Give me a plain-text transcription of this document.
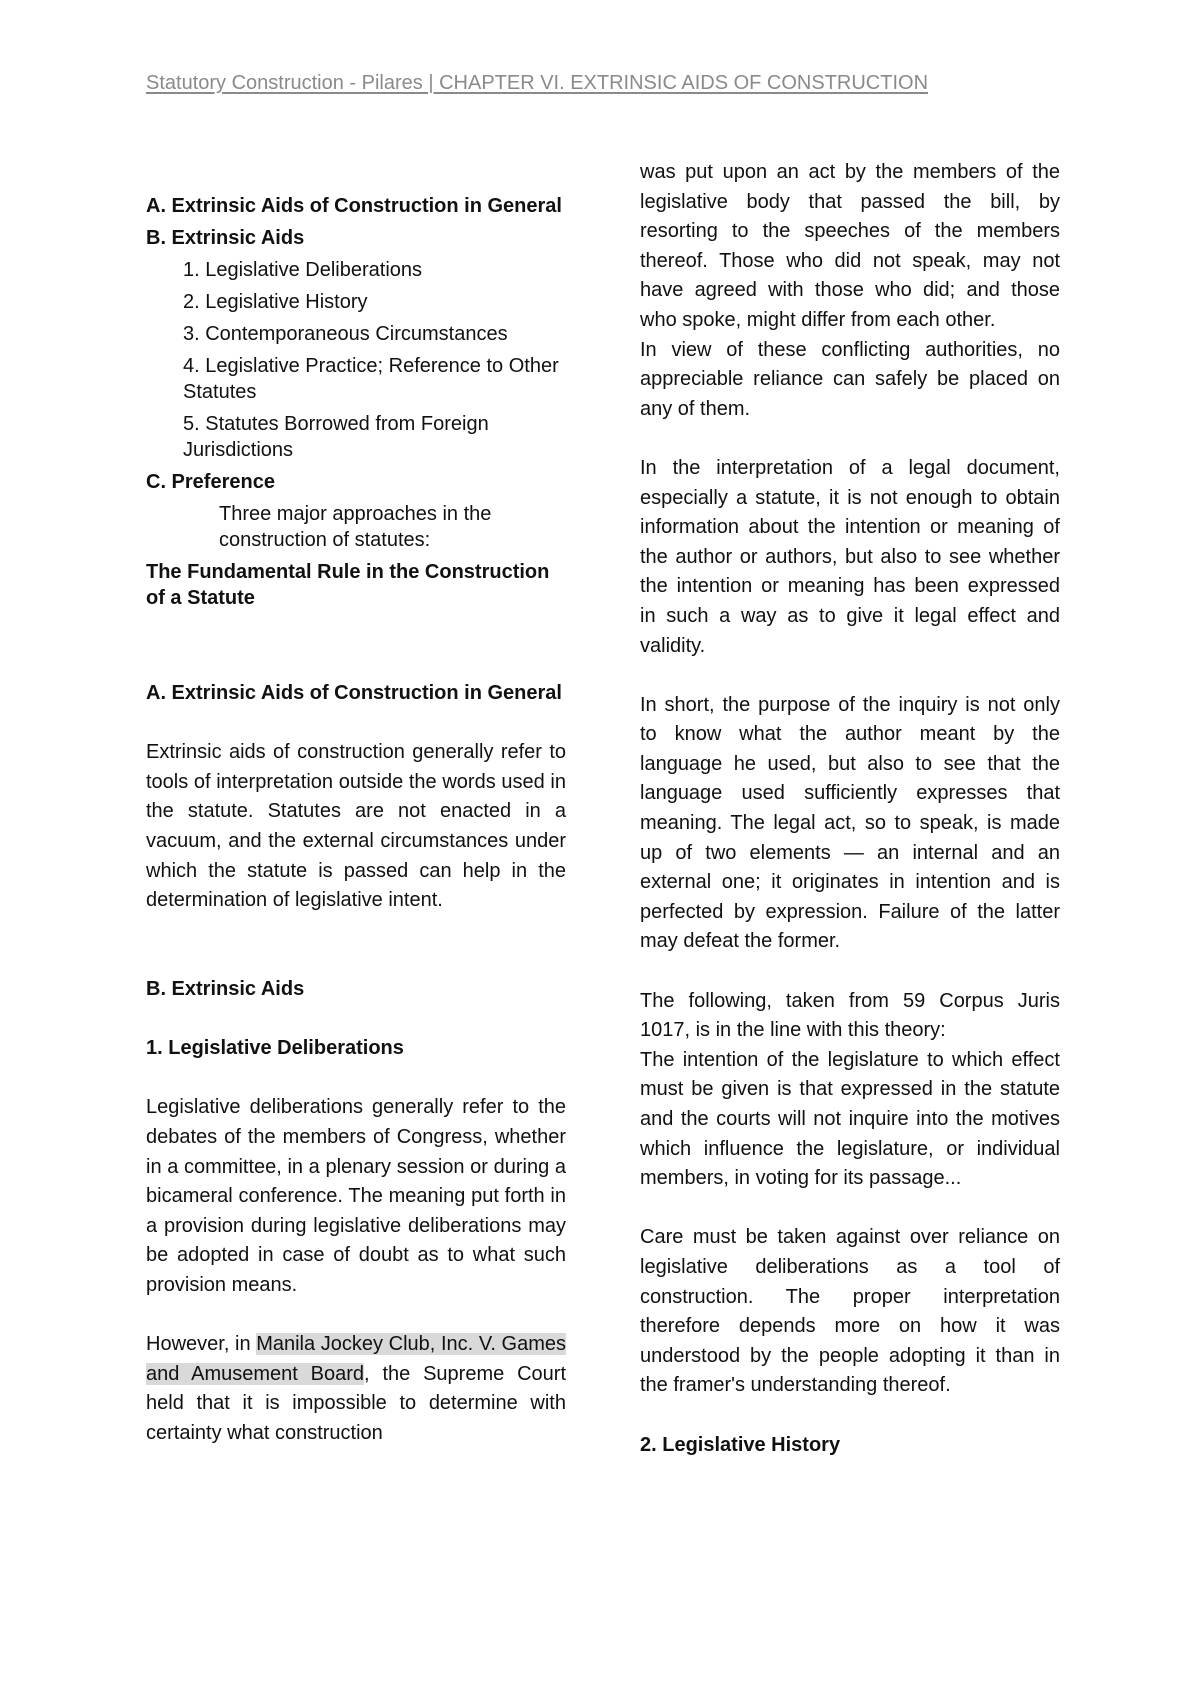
Statutory Construction - Pilares | CHAPTER VI. EXTRINSIC AIDS OF CONSTRUCTION
A. Extrinsic Aids of Construction in General
B. Extrinsic Aids
1. Legislative Deliberations
2. Legislative History
3. Contemporaneous Circumstances
4. Legislative Practice; Reference to Other Statutes
5. Statutes Borrowed from Foreign Jurisdictions
C. Preference
Three major approaches in the construction of statutes:
The Fundamental Rule in the Construction of a Statute

A. Extrinsic Aids of Construction in General

Extrinsic aids of construction generally refer to tools of interpretation outside the words used in the statute. Statutes are not enacted in a vacuum, and the external circumstances under which the statute is passed can help in the determination of legislative intent.

B. Extrinsic Aids

1. Legislative Deliberations

Legislative deliberations generally refer to the debates of the members of Congress, whether in a committee, in a plenary session or during a bicameral conference. The meaning put forth in a provision during legislative deliberations may be adopted in case of doubt as to what such provision means.

However, in Manila Jockey Club, Inc. V. Games and Amusement Board, the Supreme Court held that it is impossible to determine with certainty what construction

was put upon an act by the members of the legislative body that passed the bill, by resorting to the speeches of the members thereof. Those who did not speak, may not have agreed with those who did; and those who spoke, might differ from each other.

In view of these conflicting authorities, no appreciable reliance can safely be placed on any of them.

In the interpretation of a legal document, especially a statute, it is not enough to obtain information about the intention or meaning of the author or authors, but also to see whether the intention or meaning has been expressed in such a way as to give it legal effect and validity.

In short, the purpose of the inquiry is not only to know what the author meant by the language he used, but also to see that the language used sufficiently expresses that meaning. The legal act, so to speak, is made up of two elements — an internal and an external one; it originates in intention and is perfected by expression. Failure of the latter may defeat the former.

The following, taken from 59 Corpus Juris 1017, is in the line with this theory:

The intention of the legislature to which effect must be given is that expressed in the statute and the courts will not inquire into the motives which influence the legislature, or individual members, in voting for its passage...

Care must be taken against over reliance on legislative deliberations as a tool of construction. The proper interpretation therefore depends more on how it was understood by the people adopting it than in the framer's understanding thereof.

2. Legislative History
